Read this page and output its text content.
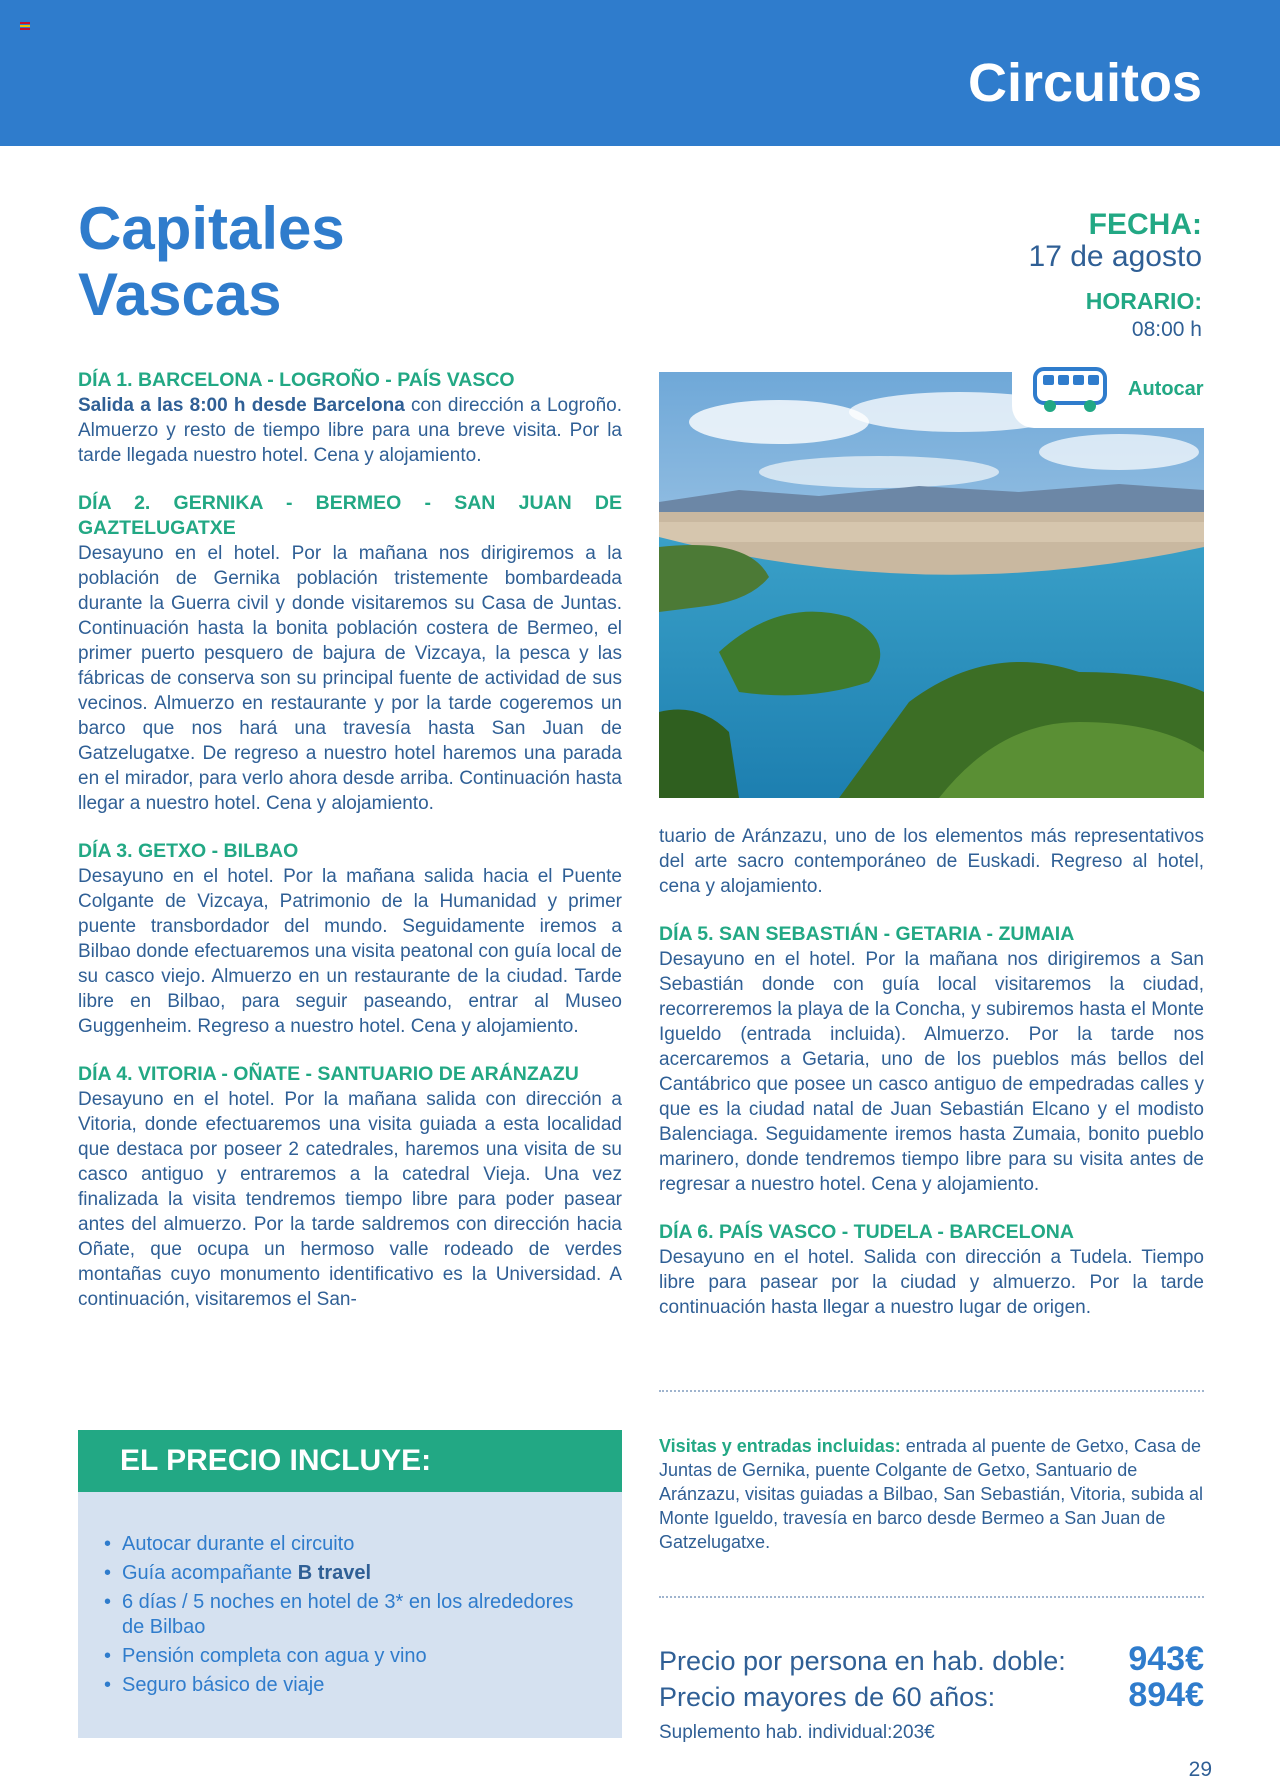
Circuitos
Capitales
Vascas
FECHA:
17 de agosto
HORARIO:
08:00 h
DÍA 1. BARCELONA - LOGROÑO - PAÍS VASCO
Salida a las 8:00 h desde Barcelona con dirección a Logroño. Almuerzo y resto de tiempo libre para una breve visita. Por la tarde llegada nuestro hotel. Cena y alojamiento.
DÍA 2. GERNIKA - BERMEO - SAN JUAN DE GAZTELUGATXE
Desayuno en el hotel. Por la mañana nos dirigiremos a la población de Gernika población tristemente bombardeada durante la Guerra civil y donde visitaremos su Casa de Juntas. Continuación hasta la bonita población costera de Bermeo, el primer puerto pesquero de bajura de Vizcaya, la pesca y las fábricas de conserva son su principal fuente de actividad de sus vecinos. Almuerzo en restaurante y por la tarde cogeremos un barco que nos hará una travesía hasta San Juan de Gatzelugatxe. De regreso a nuestro hotel haremos una parada en el mirador, para verlo ahora desde arriba. Continuación hasta llegar a nuestro hotel. Cena y alojamiento.
DÍA 3. GETXO - BILBAO
Desayuno en el hotel. Por la mañana salida hacia el Puente Colgante de Vizcaya, Patrimonio de la Humanidad y primer puente transbordador del mundo. Seguidamente iremos a Bilbao donde efectuaremos una visita peatonal con guía local de su casco viejo. Almuerzo en un restaurante de la ciudad. Tarde libre en Bilbao, para seguir paseando, entrar al Museo Guggenheim. Regreso a nuestro hotel. Cena y alojamiento.
DÍA 4. VITORIA - OÑATE - SANTUARIO DE ARÁNZAZU
Desayuno en el hotel. Por la mañana salida con dirección a Vitoria, donde efectuaremos una visita guiada a esta localidad que destaca por poseer 2 catedrales, haremos una visita de su casco antiguo y entraremos a la catedral Vieja. Una vez finalizada la visita tendremos tiempo libre para poder pasear antes del almuerzo. Por la tarde saldremos con dirección hacia Oñate, que ocupa un hermoso valle rodeado de verdes montañas cuyo monumento identificativo es la Universidad. A continuación, visitaremos el San-
Autocar
tuario de Aránzazu, uno de los elementos más representativos del arte sacro contemporáneo de Euskadi. Regreso al hotel, cena y alojamiento.
DÍA 5. SAN SEBASTIÁN - GETARIA - ZUMAIA
Desayuno en el hotel. Por la mañana nos dirigiremos a San Sebastián donde con guía local visitaremos la ciudad, recorreremos la playa de la Concha, y subiremos hasta el Monte Igueldo (entrada incluida). Almuerzo. Por la tarde nos acercaremos a Getaria, uno de los pueblos más bellos del Cantábrico que posee un casco antiguo de empedradas calles y que es la ciudad natal de Juan Sebastián Elcano y el modisto Balenciaga. Seguidamente iremos hasta Zumaia, bonito pueblo marinero, donde tendremos tiempo libre para su visita antes de regresar a nuestro hotel. Cena y alojamiento.
DÍA 6. PAÍS VASCO - TUDELA - BARCELONA
Desayuno en el hotel. Salida con dirección a Tudela. Tiempo libre para pasear por la ciudad y almuerzo. Por la tarde continuación hasta llegar a nuestro lugar de origen.
EL PRECIO INCLUYE:
• Autocar durante el circuito
• Guía acompañante B travel
• 6 días / 5 noches en hotel de 3* en los alrededores de Bilbao
• Pensión completa con agua y vino
• Seguro básico de viaje
Visitas y entradas incluidas: entrada al puente de Getxo, Casa de Juntas de Gernika, puente Colgante de Getxo, Santuario de Aránzazu, visitas guiadas a Bilbao, San Sebastián, Vitoria, subida al Monte Igueldo, travesía en barco desde Bermeo a San Juan de Gatzelugatxe.
Precio por persona en hab. doble: 943€
Precio mayores de 60 años:	894€
Suplemento hab. individual:203€
29
